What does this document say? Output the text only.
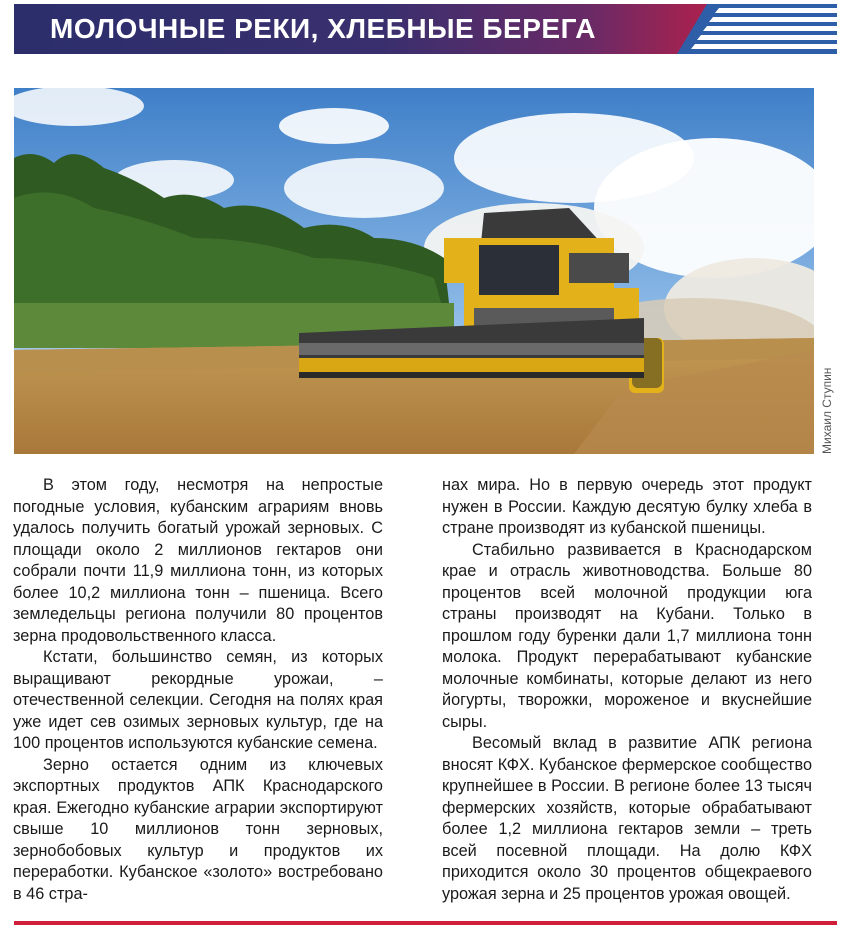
МОЛОЧНЫЕ РЕКИ, ХЛЕБНЫЕ БЕРЕГА
Михаил Ступин

В этом году, несмотря на непростые погодные условия, кубанским аграриям вновь удалось получить богатый урожай зерновых. С площади около 2 миллионов гектаров они собрали почти 11,9 миллиона тонн, из которых более 10,2 миллиона тонн – пшеница. Всего земледельцы региона получили 80 процентов зерна продовольственного класса.

Кстати, большинство семян, из которых выращивают рекордные урожаи, – отечественной селекции. Сегодня на полях края уже идет сев озимых зерновых культур, где на 100 процентов используются кубанские семена.

Зерно остается одним из ключевых экспортных продуктов АПК Краснодарского края. Ежегодно кубанские аграрии экспортируют свыше 10 миллионов тонн зерновых, зернобобовых культур и продуктов их переработки. Кубанское «золото» востребовано в 46 стра-

нах мира. Но в первую очередь этот продукт нужен в России. Каждую десятую булку хлеба в стране производят из кубанской пшеницы.

Стабильно развивается в Краснодарском крае и отрасль животноводства. Больше 80 процентов всей молочной продукции юга страны производят на Кубани. Только в прошлом году буренки дали 1,7 миллиона тонн молока. Продукт перерабатывают кубанские молочные комбинаты, которые делают из него йогурты, творожки, мороженое и вкуснейшие сыры.

Весомый вклад в развитие АПК региона вносят КФХ. Кубанское фермерское сообщество крупнейшее в России. В регионе более 13 тысяч фермерских хозяйств, которые обрабатывают более 1,2 миллиона гектаров земли – треть всей посевной площади. На долю КФХ приходится около 30 процентов общекраевого урожая зерна и 25 процентов урожая овощей.
